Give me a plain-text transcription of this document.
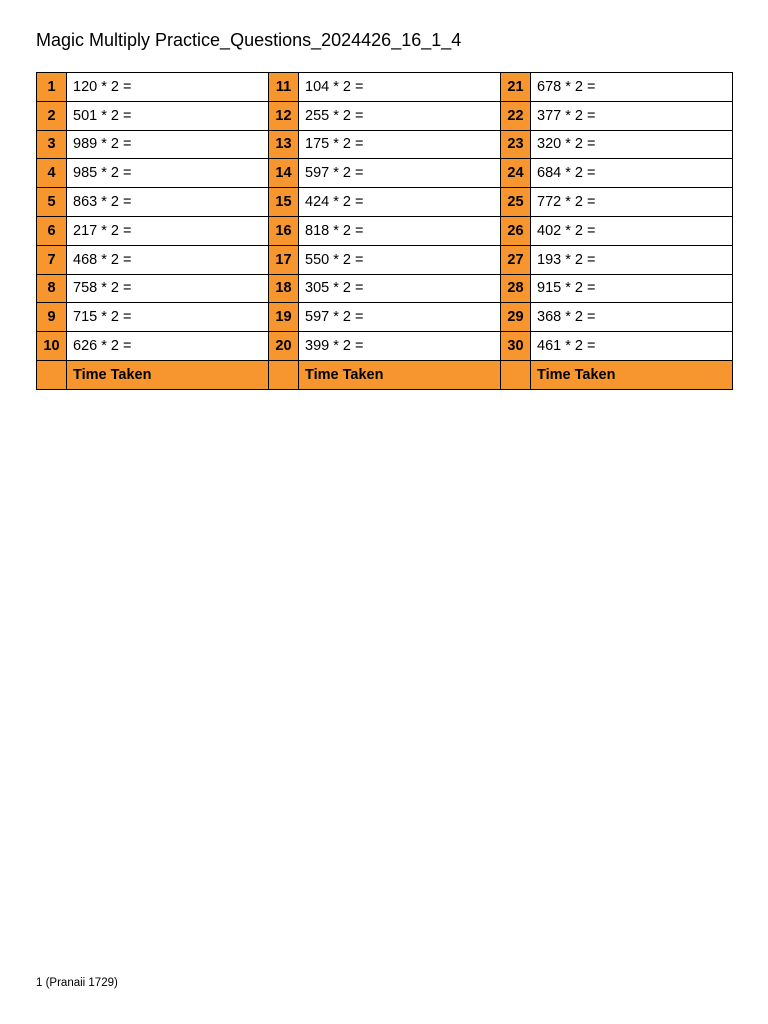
Magic Multiply Practice_Questions_2024426_16_1_4
1	120 * 2 =	11	104 * 2 =	21	678 * 2 =
2	501 * 2 =	12	255 * 2 =	22	377 * 2 =
3	989 * 2 =	13	175 * 2 =	23	320 * 2 =
4	985 * 2 =	14	597 * 2 =	24	684 * 2 =
5	863 * 2 =	15	424 * 2 =	25	772 * 2 =
6	217 * 2 =	16	818 * 2 =	26	402 * 2 =
7	468 * 2 =	17	550 * 2 =	27	193 * 2 =
8	758 * 2 =	18	305 * 2 =	28	915 * 2 =
9	715 * 2 =	19	597 * 2 =	29	368 * 2 =
10	626 * 2 =	20	399 * 2 =	30	461 * 2 =
	Time Taken		Time Taken		Time Taken
1 (Pranaii 1729)
